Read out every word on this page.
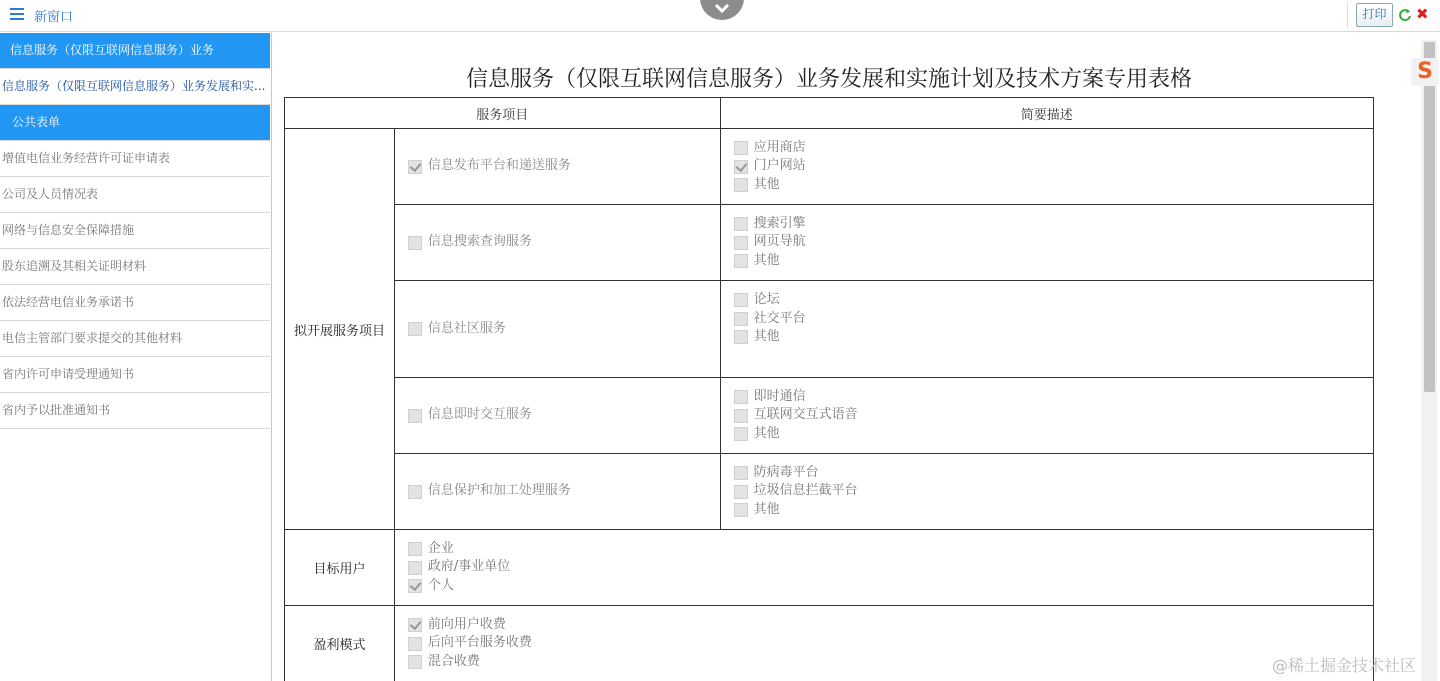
新窗口	打印	✖
信息服务（仅限互联网信息服务）业务
信息服务（仅限互联网信息服务）业务发展和实...
公共表单
增值电信业务经营许可证申请表
公司及人员情况表
网络与信息安全保障措施
股东追溯及其相关证明材料
依法经营电信业务承诺书
电信主管部门要求提交的其他材料
省内许可申请受理通知书
省内予以批准通知书
信息服务（仅限互联网信息服务）业务发展和实施计划及技术方案专用表格
服务项目		简要描述
拟开展服务项目	信息发布平台和递送服务	应用商店
门户网站
其他

	信息搜索查询服务	搜索引擎
网页导航
其他

	信息社区服务	论坛
社交平台
其他

	信息即时交互服务	即时通信
互联网交互式语音
其他

	信息保护和加工处理服务	防病毒平台
垃圾信息拦截平台
其他

目标用户	企业
政府/事业单位
个人	

盈利模式	前向用户收费
后向平台服务收费
混合收费	
S
@稀土掘金技术社区
